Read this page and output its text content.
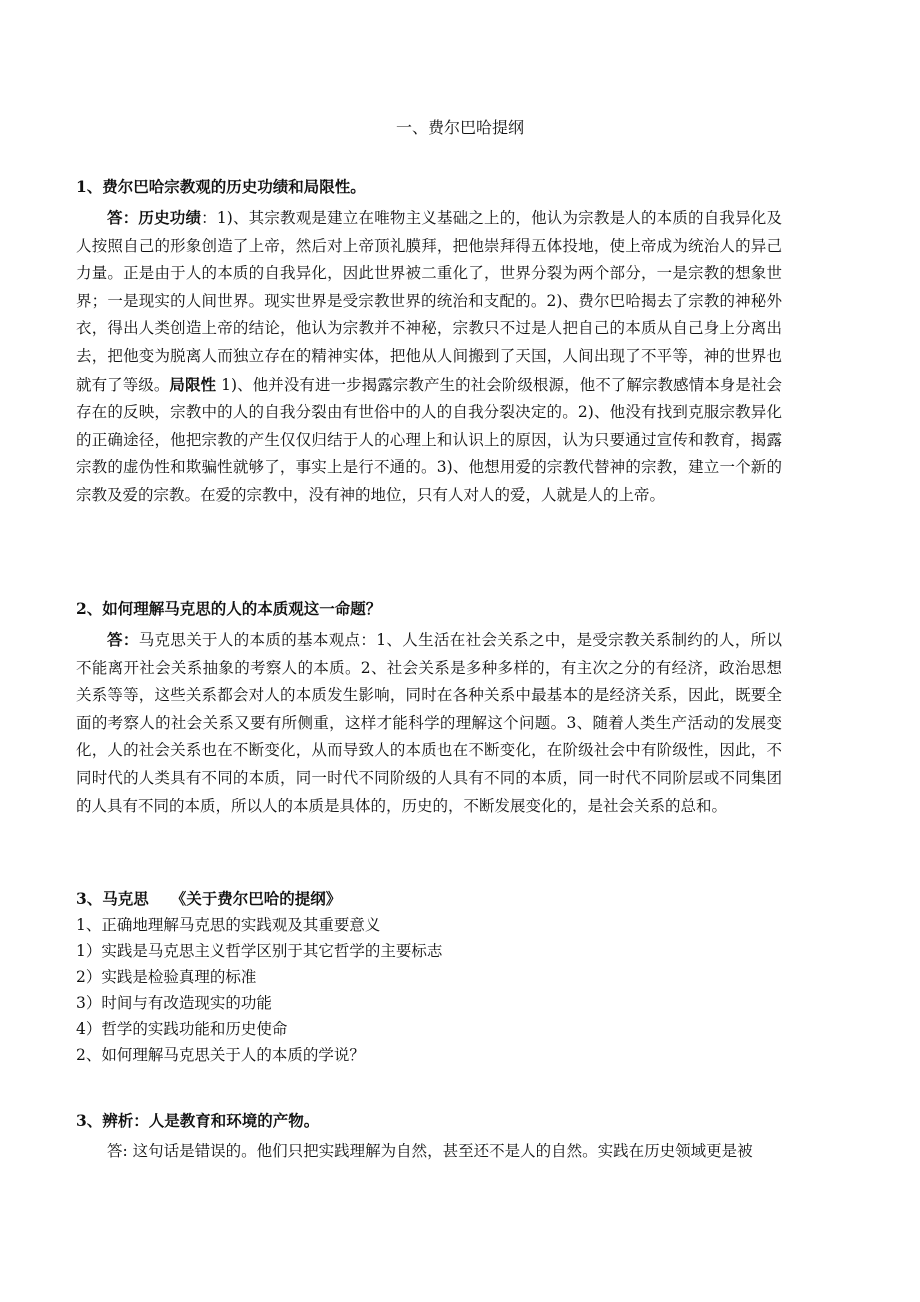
一、费尔巴哈提纲
1、费尔巴哈宗教观的历史功绩和局限性。

答：历史功绩：1)、其宗教观是建立在唯物主义基础之上的，他认为宗教是人的本质的自我异化及人按照自己的形象创造了上帝，然后对上帝顶礼膜拜，把他崇拜得五体投地，使上帝成为统治人的异己力量。正是由于人的本质的自我异化，因此世界被二重化了，世界分裂为两个部分，一是宗教的想象世界；一是现实的人间世界。现实世界是受宗教世界的统治和支配的。2)、费尔巴哈揭去了宗教的神秘外衣，得出人类创造上帝的结论，他认为宗教并不神秘，宗教只不过是人把自己的本质从自己身上分离出去，把他变为脱离人而独立存在的精神实体，把他从人间搬到了天国，人间出现了不平等，神的世界也就有了等级。局限性 1)、他并没有进一步揭露宗教产生的社会阶级根源，他不了解宗教感情本身是社会存在的反映，宗教中的人的自我分裂由有世俗中的人的自我分裂决定的。2)、他没有找到克服宗教异化的正确途径，他把宗教的产生仅仅归结于人的心理上和认识上的原因，认为只要通过宣传和教育，揭露宗教的虚伪性和欺骗性就够了，事实上是行不通的。3)、他想用爱的宗教代替神的宗教，建立一个新的宗教及爱的宗教。在爱的宗教中，没有神的地位，只有人对人的爱，人就是人的上帝。

2、如何理解马克思的人的本质观这一命题？

答：马克思关于人的本质的基本观点：1、人生活在社会关系之中，是受宗教关系制约的人，所以不能离开社会关系抽象的考察人的本质。2、社会关系是多种多样的，有主次之分的有经济，政治思想关系等等，这些关系都会对人的本质发生影响，同时在各种关系中最基本的是经济关系，因此，既要全面的考察人的社会关系又要有所侧重，这样才能科学的理解这个问题。3、随着人类生产活动的发展变化，人的社会关系也在不断变化，从而导致人的本质也在不断变化，在阶级社会中有阶级性，因此，不同时代的人类具有不同的本质，同一时代不同阶级的人具有不同的本质，同一时代不同阶层或不同集团的人具有不同的本质，所以人的本质是具体的，历史的，不断发展变化的，是社会关系的总和。

3、马克思 《关于费尔巴哈的提纲》

1、正确地理解马克思的实践观及其重要意义

1）实践是马克思主义哲学区别于其它哲学的主要标志

2）实践是检验真理的标准

3）时间与有改造现实的功能

4）哲学的实践功能和历史使命

2、如何理解马克思关于人的本质的学说？

3、辨析：人是教育和环境的产物。

答: 这句话是错误的。他们只把实践理解为自然，甚至还不是人的自然。实践在历史领域更是被
